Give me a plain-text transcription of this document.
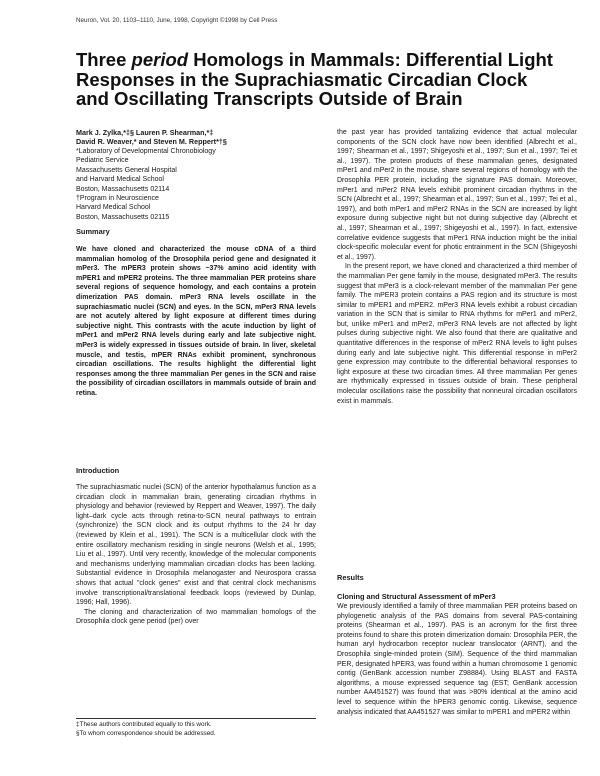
Neuron, Vol. 20, 1103–1110, June, 1998, Copyright ©1998 by Cell Press
Three period Homologs in Mammals: Differential Light Responses in the Suprachiasmatic Circadian Clock and Oscillating Transcripts Outside of Brain
Mark J. Zylka,*‡§ Lauren P. Shearman,*‡
David R. Weaver,* and Steven M. Reppert*†§
*Laboratory of Developmental Chronobiology
Pediatric Service
Massachusetts General Hospital
and Harvard Medical School
Boston, Massachusetts 02114
†Program in Neuroscience
Harvard Medical School
Boston, Massachusetts 02115
Summary

We have cloned and characterized the mouse cDNA of a third mammalian homolog of the Drosophila period gene and designated it mPer3. The mPER3 protein shows ~37% amino acid identity with mPER1 and mPER2 proteins. The three mammalian PER proteins share several regions of sequence homology, and each contains a protein dimerization PAS domain. mPer3 RNA levels oscillate in the suprachiasmatic nuclei (SCN) and eyes. In the SCN, mPer3 RNA levels are not acutely altered by light exposure at different times during subjective night. This contrasts with the acute induction by light of mPer1 and mPer2 RNA levels during early and late subjective night. mPer3 is widely expressed in tissues outside of brain. In liver, skeletal muscle, and testis, mPER RNAs exhibit prominent, synchronous circadian oscillations. The results highlight the differential light responses among the three mammalian Per genes in the SCN and raise the possibility of circadian oscillators in mammals outside of brain and retina.

Introduction

The suprachiasmatic nuclei (SCN) of the anterior hypothalamus function as a circadian clock in mammalian brain, generating circadian rhythms in physiology and behavior (reviewed by Reppert and Weaver, 1997). The daily light–dark cycle acts through retina-to-SCN neural pathways to entrain (synchronize) the SCN clock and its output rhythms to the 24 hr day (reviewed by Klein et al., 1991). The SCN is a multicellular clock with the entire oscillatory mechanism residing in single neurons (Welsh et al., 1995; Liu et al., 1997). Until very recently, knowledge of the molecular components and mechanisms underlying mammalian circadian clocks has been lacking. Substantial evidence in Drosophila melanogaster and Neurospora crassa shows that actual "clock genes" exist and that central clock mechanisms involve transcriptional/translational feedback loops (reviewed by Dunlap, 1996; Hall, 1996).

The cloning and characterization of two mammalian homologs of the Drosophila clock gene period (per) over

‡These authors contributed equally to this work.
§To whom correspondence should be addressed.

the past year has provided tantalizing evidence that actual molecular components of the SCN clock have now been identified (Albrecht et al., 1997; Shearman et al., 1997; Shigeyoshi et al., 1997; Sun et al., 1997; Tei et al., 1997). The protein products of these mammalian genes, designated mPer1 and mPer2 in the mouse, share several regions of homology with the Drosophila PER protein, including the signature PAS domain. Moreover, mPer1 and mPer2 RNA levels exhibit prominent circadian rhythms in the SCN (Albrecht et al., 1997; Shearman et al., 1997; Sun et al., 1997; Tei et al., 1997), and both mPer1 and mPer2 RNAs in the SCN are increased by light exposure during subjective night but not during subjective day (Albrecht et al., 1997; Shearman et al., 1997; Shigeyoshi et al., 1997). In fact, extensive correlative evidence suggests that mPer1 RNA induction might be the initial clock-specific molecular event for photic entrainment in the SCN (Shigeyoshi et al., 1997).

In the present report, we have cloned and characterized a third member of the mammalian Per gene family in the mouse, designated mPer3. The results suggest that mPer3 is a clock-relevant member of the mammalian Per gene family. The mPER3 protein contains a PAS region and its structure is most similar to mPER1 and mPER2. mPer3 RNA levels exhibit a robust circadian variation in the SCN that is similar to RNA rhythms for mPer1 and mPer2, but, unlike mPer1 and mPer2, mPer3 RNA levels are not affected by light pulses during subjective night. We also found that there are qualitative and quantitative differences in the response of mPer2 RNA levels to light pulses during early and late subjective night. This differential response in mPer2 gene expression may contribute to the differential behavioral responses to light exposure at these two circadian times. All three mammalian Per genes are rhythmically expressed in tissues outside of brain. These peripheral molecular oscillations raise the possibility that nonneural circadian oscillators exist in mammals.

Results
Cloning and Structural Assessment of mPer3

We previously identified a family of three mammalian PER proteins based on phylogenetic analysis of the PAS domains from several PAS-containing proteins (Shearman et al., 1997). PAS is an acronym for the first three proteins found to share this protein dimerization domain: Drosophila PER, the human aryl hydrocarbon receptor nuclear translocator (ARNT), and the Drosophila single-minded protein (SIM). Sequence of the third mammalian PER, designated hPER3, was found within a human chromosome 1 genomic contig (GenBank accession number Z98884). Using BLAST and FASTA algorithms, a mouse expressed sequence tag (EST; GenBank accession number AA451527) was found that was >80% identical at the amino acid level to sequence within the hPER3 genomic contig. Likewise, sequence analysis indicated that AA451527 was similar to mPER1 and mPER2 within
